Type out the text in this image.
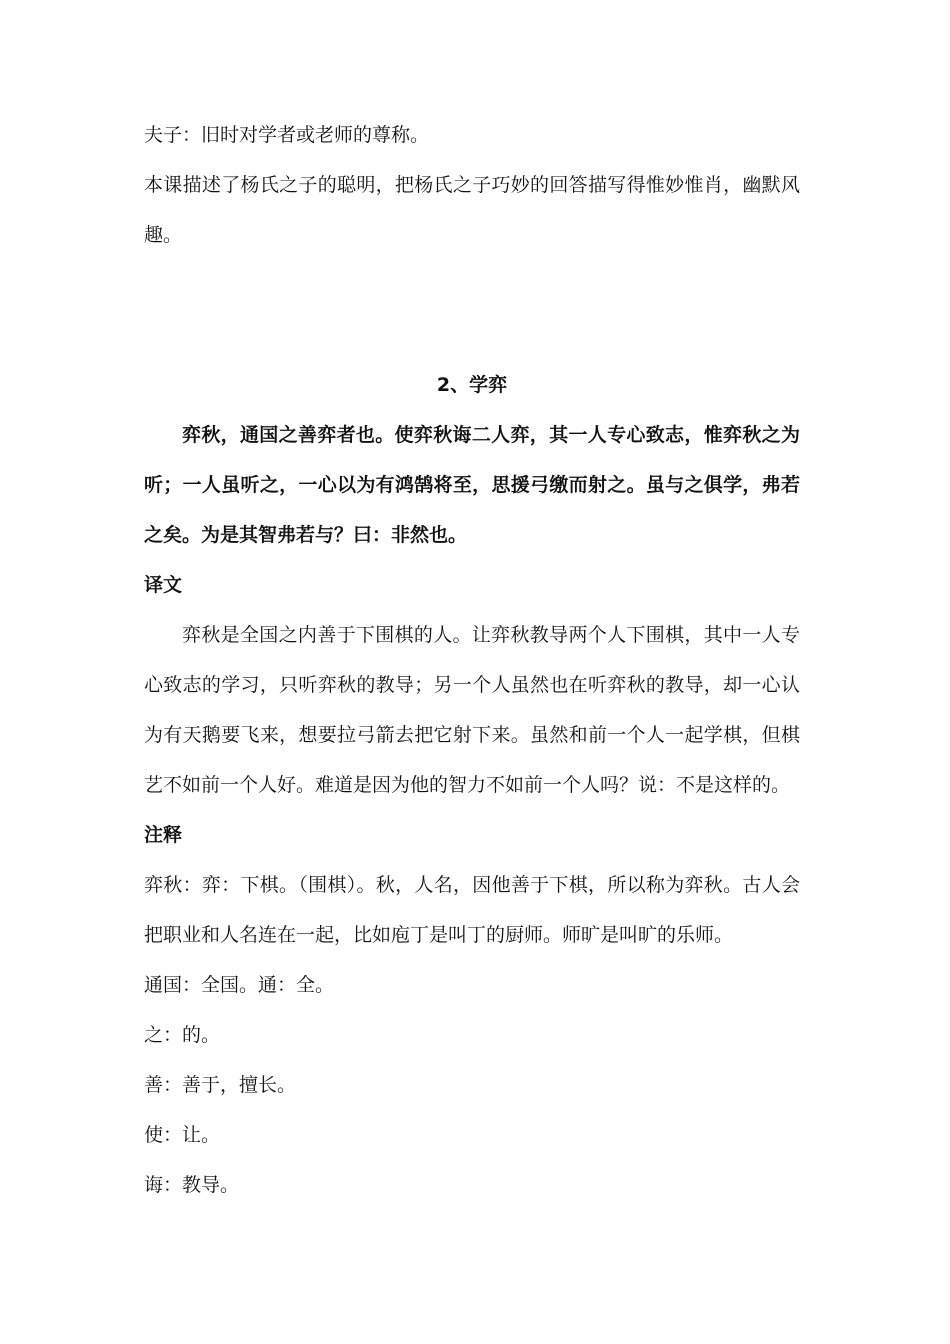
夫子：旧时对学者或老师的尊称。

本课描述了杨氏之子的聪明，把杨氏之子巧妙的回答描写得惟妙惟肖，幽默风趣。

2、学弈

弈秋，通国之善弈者也。使弈秋诲二人弈，其一人专心致志，惟弈秋之为听；一人虽听之，一心以为有鸿鹄将至，思援弓缴而射之。虽与之俱学，弗若之矣。为是其智弗若与？曰：非然也。

译文

弈秋是全国之内善于下围棋的人。让弈秋教导两个人下围棋，其中一人专心致志的学习，只听弈秋的教导；另一个人虽然也在听弈秋的教导，却一心认为有天鹅要飞来，想要拉弓箭去把它射下来。虽然和前一个人一起学棋，但棋艺不如前一个人好。难道是因为他的智力不如前一个人吗？说：不是这样的。

注释

弈秋：弈：下棋。（围棋）。秋，人名，因他善于下棋，所以称为弈秋。古人会把职业和人名连在一起，比如庖丁是叫丁的厨师。师旷是叫旷的乐师。

通国：全国。通：全。

之：的。

善：善于，擅长。

使：让。

诲：教导。
